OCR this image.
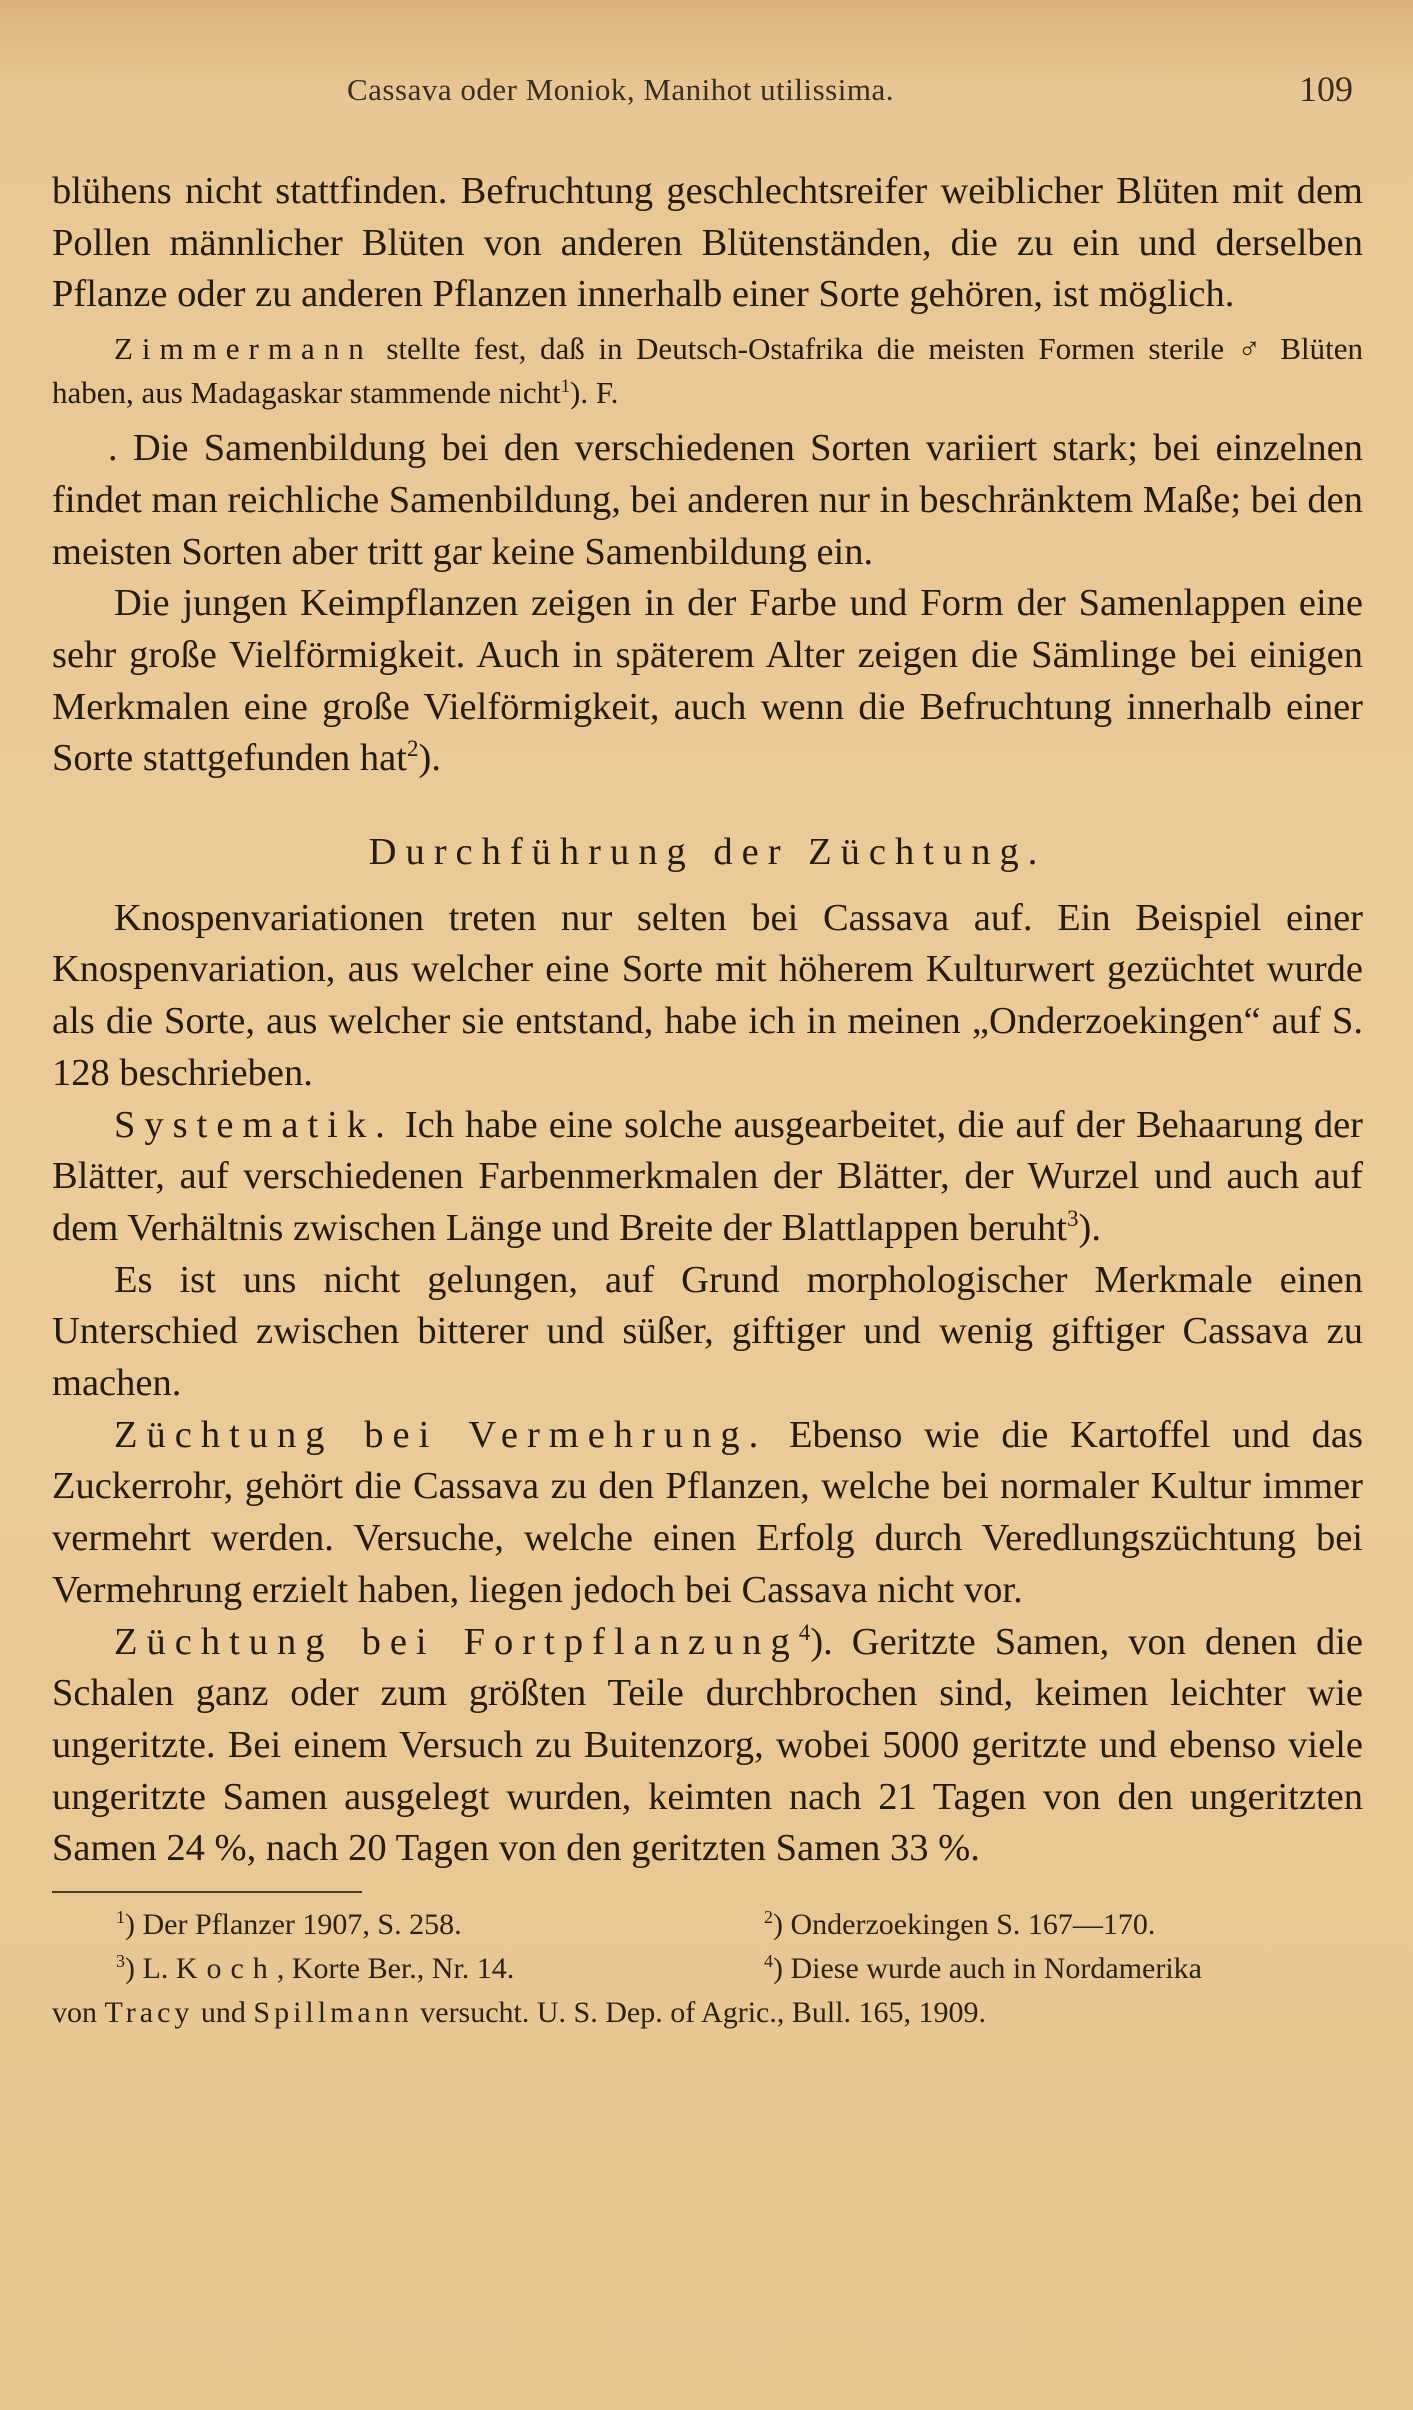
Cassava oder Moniok, Manihot utilissima.	109

blühens nicht stattfinden. Befruchtung geschlechtsreifer weiblicher Blüten mit dem Pollen männlicher Blüten von anderen Blütenständen, die zu ein und derselben Pflanze oder zu anderen Pflanzen innerhalb einer Sorte gehören, ist möglich.

Zimmermann stellte fest, daß in Deutsch-Ostafrika die meisten Formen sterile ♂ Blüten haben, aus Madagaskar stammende nicht$^1$). F.

. Die Samenbildung bei den verschiedenen Sorten variiert stark; bei einzelnen findet man reichliche Samenbildung, bei anderen nur in beschränktem Maße; bei den meisten Sorten aber tritt gar keine Samenbildung ein.

Die jungen Keimpflanzen zeigen in der Farbe und Form der Samenlappen eine sehr große Vielförmigkeit. Auch in späterem Alter zeigen die Sämlinge bei einigen Merkmalen eine große Vielförmigkeit, auch wenn die Befruchtung innerhalb einer Sorte stattgefunden hat$^2$).

Durchführung der Züchtung.

Knospenvariationen treten nur selten bei Cassava auf. Ein Beispiel einer Knospenvariation, aus welcher eine Sorte mit höherem Kulturwert gezüchtet wurde als die Sorte, aus welcher sie entstand, habe ich in meinen „Onderzoekingen“ auf S. 128 beschrieben.

Systematik. Ich habe eine solche ausgearbeitet, die auf der Behaarung der Blätter, auf verschiedenen Farbenmerkmalen der Blätter, der Wurzel und auch auf dem Verhältnis zwischen Länge und Breite der Blattlappen beruht$^3$).

Es ist uns nicht gelungen, auf Grund morphologischer Merkmale einen Unterschied zwischen bitterer und süßer, giftiger und wenig giftiger Cassava zu machen.

Züchtung bei Vermehrung. Ebenso wie die Kartoffel und das Zuckerrohr, gehört die Cassava zu den Pflanzen, welche bei normaler Kultur immer vermehrt werden. Versuche, welche einen Erfolg durch Veredlungszüchtung bei Vermehrung erzielt haben, liegen jedoch bei Cassava nicht vor.

Züchtung bei Fortpflanzung$^4$). Geritzte Samen, von denen die Schalen ganz oder zum größten Teile durchbrochen sind, keimen leichter wie ungeritzte. Bei einem Versuch zu Buitenzorg, wobei 5000 geritzte und ebenso viele ungeritzte Samen ausgelegt wurden, keimten nach 21 Tagen von den ungeritzten Samen 24 %, nach 20 Tagen von den geritzten Samen 33 %.

$^1$) Der Pflanzer 1907, S. 258.	$^2$) Onderzoekingen S. 167—170.
$^3$) L. Koch, Korte Ber., Nr. 14.	$^4$) Diese wurde auch in Nordamerika
von Tracy und Spillmann versucht. U. S. Dep. of Agric., Bull. 165, 1909.
